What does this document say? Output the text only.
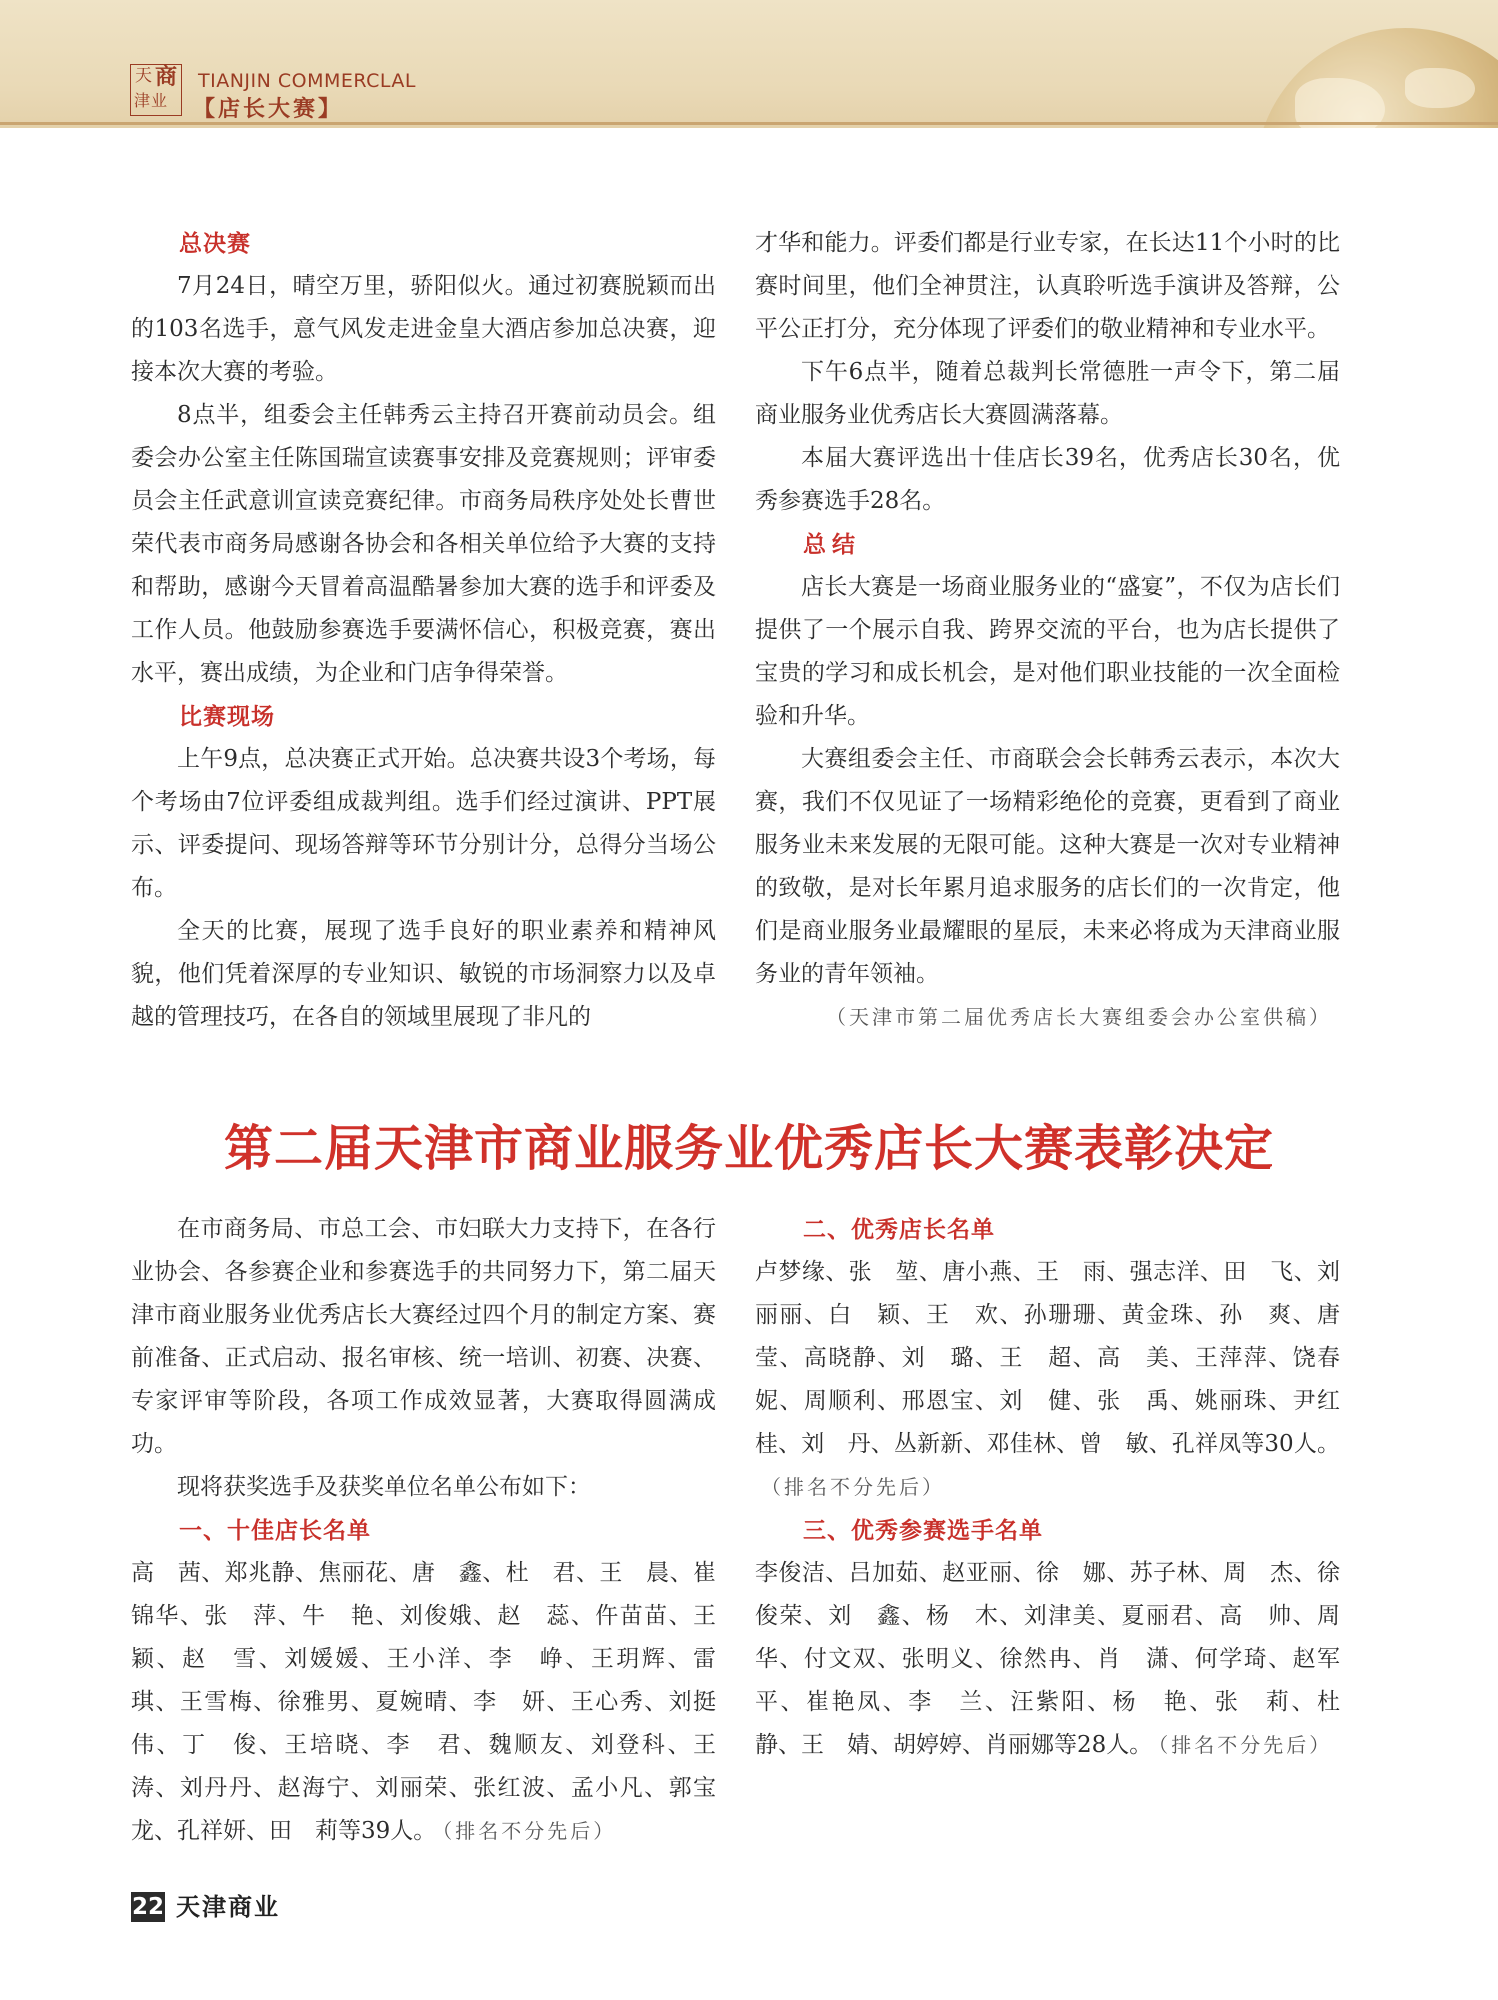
天 商
津业
TIANJIN COMMERCLAL
【店长大赛】

总决赛

7月24日，晴空万里，骄阳似火。通过初赛脱颖而出的103名选手，意气风发走进金皇大酒店参加总决赛，迎接本次大赛的考验。

8点半，组委会主任韩秀云主持召开赛前动员会。组委会办公室主任陈国瑞宣读赛事安排及竞赛规则；评审委员会主任武意训宣读竞赛纪律。市商务局秩序处处长曹世荣代表市商务局感谢各协会和各相关单位给予大赛的支持和帮助，感谢今天冒着高温酷暑参加大赛的选手和评委及工作人员。他鼓励参赛选手要满怀信心，积极竞赛，赛出水平，赛出成绩，为企业和门店争得荣誉。

比赛现场

上午9点，总决赛正式开始。总决赛共设3个考场，每个考场由7位评委组成裁判组。选手们经过演讲、PPT展示、评委提问、现场答辩等环节分别计分，总得分当场公布。

全天的比赛，展现了选手良好的职业素养和精神风貌，他们凭着深厚的专业知识、敏锐的市场洞察力以及卓越的管理技巧，在各自的领域里展现了非凡的

才华和能力。评委们都是行业专家，在长达11个小时的比赛时间里，他们全神贯注，认真聆听选手演讲及答辩，公平公正打分，充分体现了评委们的敬业精神和专业水平。

下午6点半，随着总裁判长常德胜一声令下，第二届商业服务业优秀店长大赛圆满落幕。

本届大赛评选出十佳店长39名，优秀店长30名，优秀参赛选手28名。

总结

店长大赛是一场商业服务业的“盛宴”，不仅为店长们提供了一个展示自我、跨界交流的平台，也为店长提供了宝贵的学习和成长机会，是对他们职业技能的一次全面检验和升华。

大赛组委会主任、市商联会会长韩秀云表示，本次大赛，我们不仅见证了一场精彩绝伦的竞赛，更看到了商业服务业未来发展的无限可能。这种大赛是一次对专业精神的致敬，是对长年累月追求服务的店长们的一次肯定，他们是商业服务业最耀眼的星辰，未来必将成为天津商业服务业的青年领袖。

（天津市第二届优秀店长大赛组委会办公室供稿）

第二届天津市商业服务业优秀店长大赛表彰决定

在市商务局、市总工会、市妇联大力支持下，在各行业协会、各参赛企业和参赛选手的共同努力下，第二届天津市商业服务业优秀店长大赛经过四个月的制定方案、赛前准备、正式启动、报名审核、统一培训、初赛、决赛、专家评审等阶段，各项工作成效显著，大赛取得圆满成功。

现将获奖选手及获奖单位名单公布如下：

一、十佳店长名单

高　茜、郑兆静、焦丽花、唐　鑫、杜　君、王　晨、崔锦华、张　萍、牛　艳、刘俊娥、赵　蕊、仵苗苗、王　颖、赵　雪、刘媛媛、王小洋、李　峥、王玥辉、雷　琪、王雪梅、徐雅男、夏婉晴、李　妍、王心秀、刘挺伟、丁　俊、王培晓、李　君、魏顺友、刘登科、王　涛、刘丹丹、赵海宁、刘丽荣、张红波、孟小凡、郭宝龙、孔祥妍、田　莉等39人。 （排名不分先后）

二、优秀店长名单

卢梦缘、张　堃、唐小燕、王　雨、强志洋、田　飞、刘丽丽、白　颖、王　欢、孙珊珊、黄金珠、孙　爽、唐　莹、高晓静、刘　璐、王　超、高　美、王萍萍、饶春妮、周顺利、邢恩宝、刘　健、张　禹、姚丽珠、尹红桂、刘　丹、丛新新、邓佳林、曾　敏、孔祥凤等30人。（排名不分先后）

三、优秀参赛选手名单

李俊洁、吕加茹、赵亚丽、徐　娜、苏子林、周　杰、徐俊荣、刘　鑫、杨　木、刘津美、夏丽君、高　帅、周　华、付文双、张明义、徐然冉、肖　潇、何学琦、赵军平、崔艳凤、李　兰、汪紫阳、杨　艳、张　莉、杜　静、王　婧、胡婷婷、肖丽娜等28人。 （排名不分先后）

22 天津商业
